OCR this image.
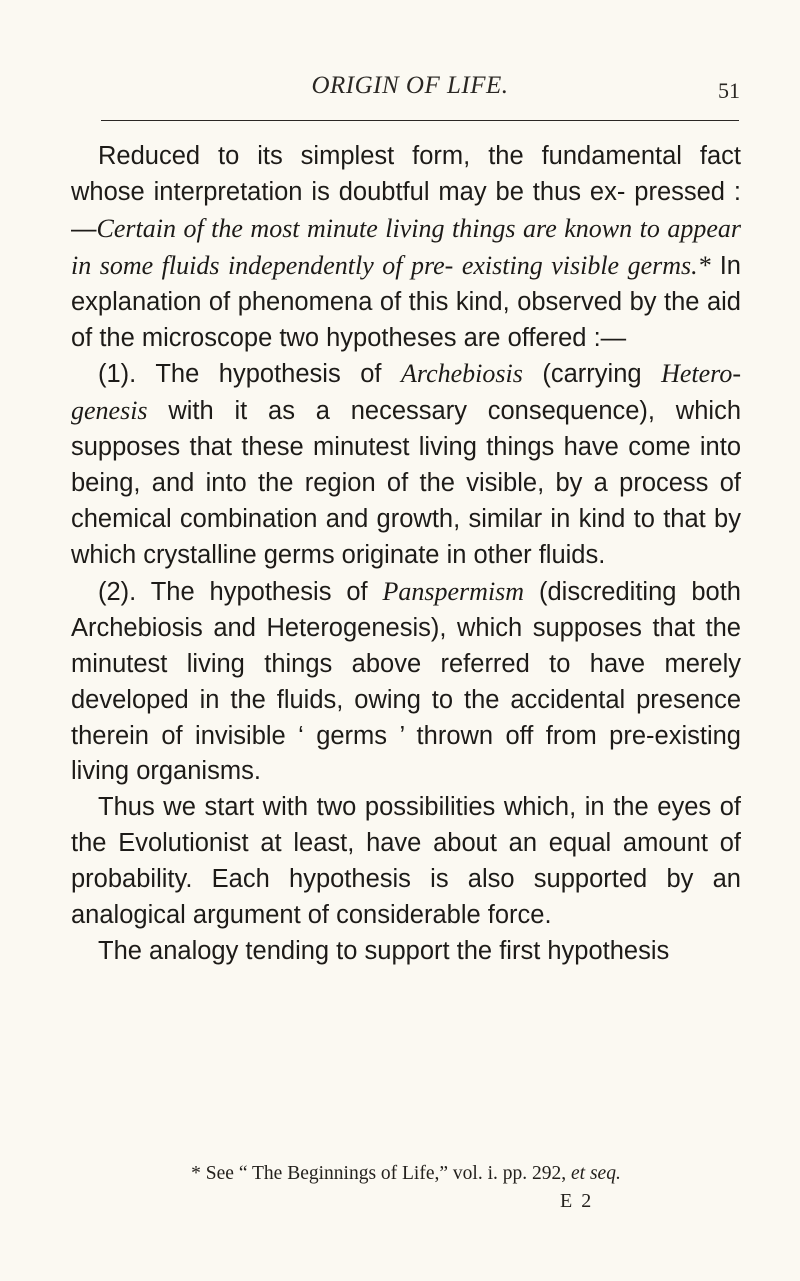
ORIGIN OF LIFE.	51

Reduced to its simplest form, the fundamental fact whose interpretation is doubtful may be thus ex- pressed :—Certain of the most minute living things are known to appear in some fluids independently of pre- existing visible germs.* In explanation of phenomena of this kind, observed by the aid of the microscope two hypotheses are offered :—

(1). The hypothesis of Archebiosis (carrying Hetero- genesis with it as a necessary consequence), which supposes that these minutest living things have come into being, and into the region of the visible, by a process of chemical combination and growth, similar in kind to that by which crystalline germs originate in other fluids.

(2). The hypothesis of Panspermism (discrediting both Archebiosis and Heterogenesis), which supposes that the minutest living things above referred to have merely developed in the fluids, owing to the accidental presence therein of invisible ‘ germs ’ thrown off from pre-existing living organisms.

Thus we start with two possibilities which, in the eyes of the Evolutionist at least, have about an equal amount of probability. Each hypothesis is also supported by an analogical argument of considerable force.

The analogy tending to support the first hypothesis

* See “ The Beginnings of Life,” vol. i. pp. 292, et seq.
E 2
